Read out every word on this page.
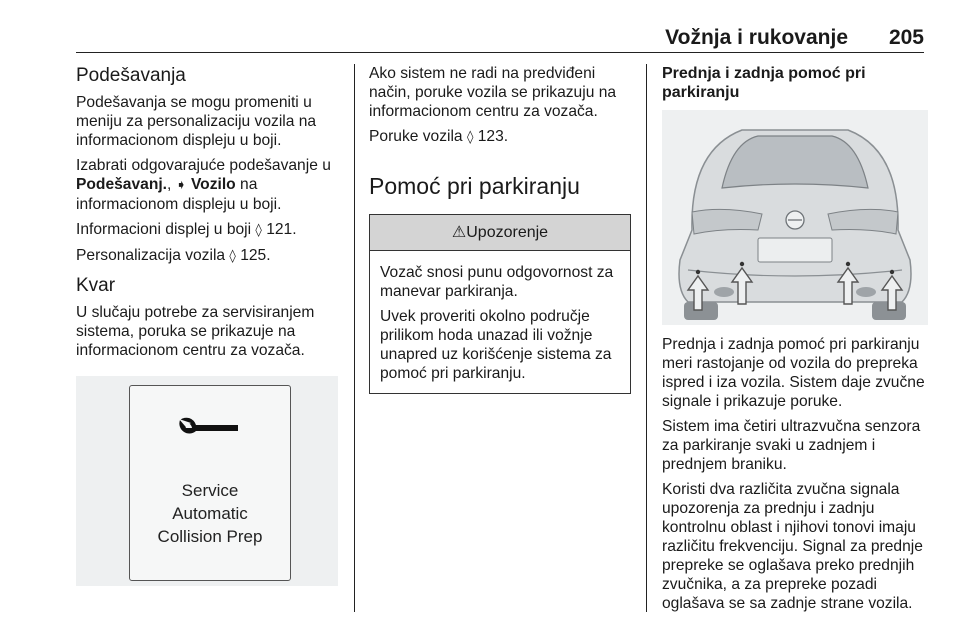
Vožnja i rukovanje 205
Podešavanja

Podešavanja se mogu promeniti u meniju za personalizaciju vozila na informacionom displeju u boji.

Izabrati odgovarajuće podešavanje u Podešavanj., ➧ Vozilo na informacionom displeju u boji.

Informacioni displej u boji ◊ 121.

Personalizacija vozila ◊ 125.

Kvar

U slučaju potrebe za servisiranjem sistema, poruka se prikazuje na informacionom centru za vozača.

Service
Automatic
Collision Prep

Ako sistem ne radi na predviđeni način, poruke vozila se prikazuju na informacionom centru za vozača.

Poruke vozila ◊ 123.

Pomoć pri parkiranju
⚠Upozorenje

Vozač snosi punu odgovornost za manevar parkiranja.

Uvek proveriti okolno područje prilikom hoda unazad ili vožnje unapred uz korišćenje sistema za pomoć pri parkiranju.

Prednja i zadnja pomoć pri parkiranju

Prednja i zadnja pomoć pri parkiranju meri rastojanje od vozila do prepreka ispred i iza vozila. Sistem daje zvučne signale i prikazuje poruke.

Sistem ima četiri ultrazvučna senzora za parkiranje svaki u zadnjem i prednjem braniku.

Koristi dva različita zvučna signala upozorenja za prednju i zadnju kontrolnu oblast i njihovi tonovi imaju različitu frekvenciju. Signal za prednje prepreke se oglašava preko prednjih zvučnika, a za prepreke pozadi oglašava se sa zadnje strane vozila.
